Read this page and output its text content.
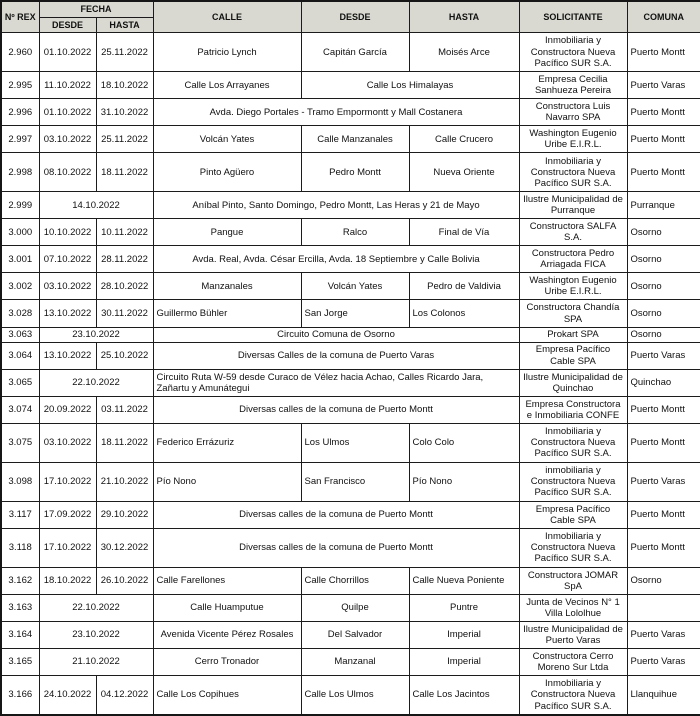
Nº REX	FECHA		CALLE	DESDE	HASTA	SOLICITANTE	COMUNA
	DESDE	HASTA					
2.960	01.10.2022	25.11.2022	Patricio Lynch	Capitán García	Moisés Arce	Inmobiliaria y Constructora Nueva Pacífico SUR S.A.	Puerto Montt
2.995	11.10.2022	18.10.2022	Calle Los Arrayanes	Calle Los Himalayas		Empresa Cecilia Sanhueza Pereira	Puerto Varas
2.996	01.10.2022	31.10.2022	Avda. Diego Portales - Tramo Empormontt y Mall Costanera			Constructora Luis Navarro SPA	Puerto Montt
2.997	03.10.2022	25.11.2022	Volcán Yates	Calle Manzanales	Calle Crucero	Washington Eugenio Uribe E.I.R.L.	Puerto Montt
2.998	08.10.2022	18.11.2022	Pinto Agüero	Pedro Montt	Nueva Oriente	Inmobiliaria y Constructora Nueva Pacífico SUR S.A.	Puerto Montt
2.999	14.10.2022		Aníbal Pinto, Santo Domingo, Pedro Montt, Las Heras y 21 de Mayo			Ilustre Municipalidad de Purranque	Purranque
3.000	10.10.2022	10.11.2022	Pangue	Ralco	Final de Vía	Constructora SALFA S.A.	Osorno
3.001	07.10.2022	28.11.2022	Avda. Real, Avda. César Ercilla, Avda. 18 Septiembre y Calle Bolivia			Constructora Pedro Arriagada FICA	Osorno
3.002	03.10.2022	28.10.2022	Manzanales	Volcán Yates	Pedro de Valdivia	Washington Eugenio Uribe E.I.R.L.	Osorno
3.028	13.10.2022	30.11.2022	Guillermo Bühler	San Jorge	Los Colonos	Constructora Chandía SPA	Osorno
3.063	23.10.2022		Circuito Comuna de Osorno			Prokart SPA	Osorno
3.064	13.10.2022	25.10.2022	Diversas Calles de la comuna de Puerto Varas			Empresa Pacífico Cable SPA	Puerto Varas
3.065	22.10.2022		Circuito Ruta W-59 desde Curaco de Vélez hacia Achao, Calles Ricardo Jara, Zañartu y Amunátegui			Ilustre Municipalidad de Quinchao	Quinchao
3.074	20.09.2022	03.11.2022	Diversas calles de la comuna de Puerto Montt			Empresa Constructora e Inmobiliaria CONFE	Puerto Montt
3.075	03.10.2022	18.11.2022	Federico Errázuriz	Los Ulmos	Colo Colo	Inmobiliaria y Constructora Nueva Pacífico SUR S.A.	Puerto Montt
3.098	17.10.2022	21.10.2022	Pío Nono	San Francisco	Pío Nono	inmobiliaria y Constructora Nueva Pacífico SUR S.A.	Puerto Varas
3.117	17.09.2022	29.10.2022	Diversas calles de la comuna de Puerto Montt			Empresa Pacífico Cable SPA	Puerto Montt
3.118	17.10.2022	30.12.2022	Diversas calles de la comuna de Puerto Montt			Inmobiliaria y Constructora Nueva Pacífico SUR S.A.	Puerto Montt
3.162	18.10.2022	26.10.2022	Calle Farellones	Calle Chorrillos	Calle Nueva Poniente	Constructora JOMAR SpA	Osorno
3.163	22.10.2022		Calle Huamputue	Quilpe	Puntre	Junta de Vecinos N° 1 Villa Lololhue	
3.164	23.10.2022		Avenida Vicente Pérez Rosales	Del Salvador	Imperial	Ilustre Municipalidad de Puerto Varas	Puerto Varas
3.165	21.10.2022		Cerro Tronador	Manzanal	Imperial	Constructora Cerro Moreno Sur Ltda	Puerto Varas
3.166	24.10.2022	04.12.2022	Calle Los Copihues	Calle Los Ulmos	Calle Los Jacintos	Inmobiliaria y Constructora Nueva Pacífico SUR S.A.	Llanquihue
